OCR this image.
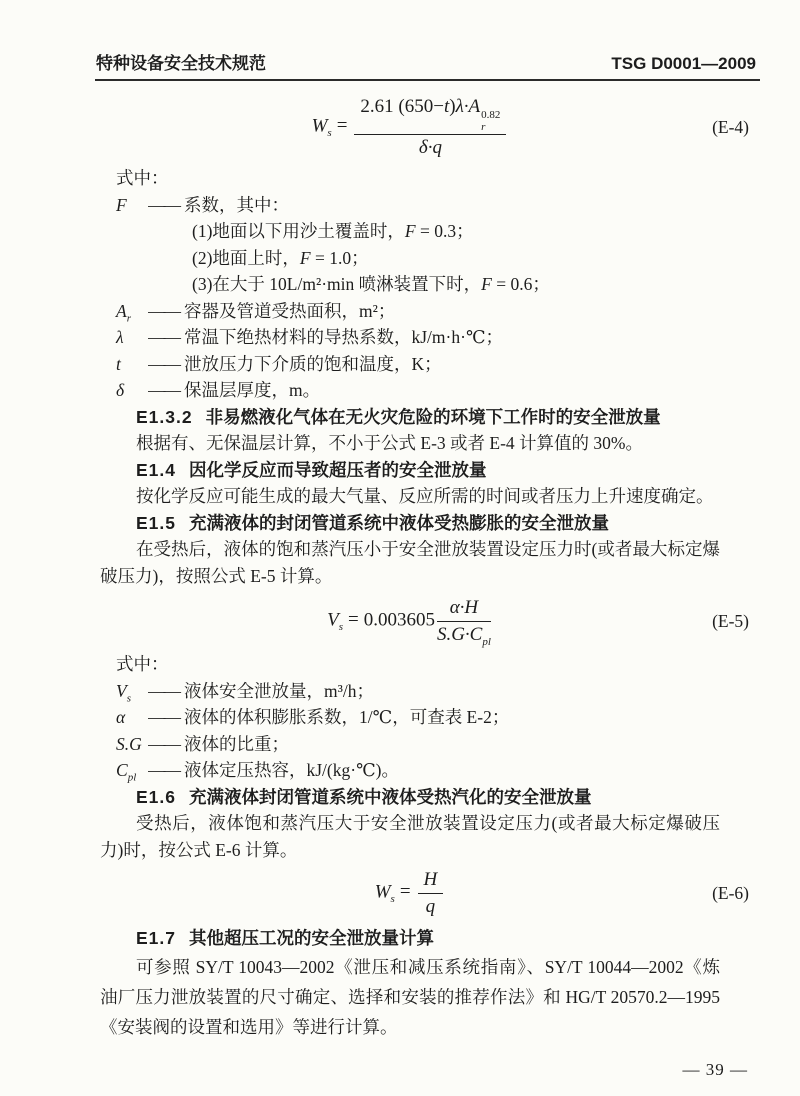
特种设备安全技术规范	TSG D0001—2009
$W_s = 2.61$ (650−t)λ·A 0.82
r
δ·q	(E-4)
式中：
F	—— 系数，其中：
(1)地面以下用沙土覆盖时，F = 0.3；
(2)地面上时，F = 1.0；
(3)在大于 10L/m²·min 喷淋装置下时，F = 0.6；
$A_r$ —— 容器及管道受热面积，m²；
λ	—— 常温下绝热材料的导热系数，kJ/m·h·℃；
t	—— 泄放压力下介质的饱和温度，K；
δ	—— 保温层厚度，m。
E1.3.2 非易燃液化气体在无火灾危险的环境下工作时的安全泄放量

根据有、无保温层计算，不小于公式 E-3 或者 E-4 计算值的 30%。

E1.4 因化学反应而导致超压者的安全泄放量

按化学反应可能生成的最大气量、反应所需的时间或者压力上升速度确定。

E1.5 充满液体的封闭管道系统中液体受热膨胀的安全泄放量

在受热后，液体的饱和蒸汽压小于安全泄放装置设定压力时(或者最大标定爆破压力)，按照公式 E-5 计算。

$V_s = 0.003605 \frac{\alpha\cdot H}{S.G\cdot C_{pl}}$	(E-5)
式中：
$V_s$ —— 液体安全泄放量，m³/h；
α	—— 液体的体积膨胀系数，1/℃，可查表 E-2；
S.G —— 液体的比重；
$C_{pl}$ —— 液体定压热容，kJ/(kg·℃)。
E1.6 充满液体封闭管道系统中液体受热汽化的安全泄放量

受热后，液体饱和蒸汽压大于安全泄放装置设定压力(或者最大标定爆破压力)时，按公式 E-6 计算。

$W_s = \frac{H}{q}$	(E-6)
E1.7 其他超压工况的安全泄放量计算

可参照 SY/T 10043—2002《泄压和减压系统指南》、SY/T 10044—2002《炼油厂压力泄放装置的尺寸确定、选择和安装的推荐作法》和 HG/T 20570.2—1995《安装阀的设置和选用》等进行计算。

— 39 —
